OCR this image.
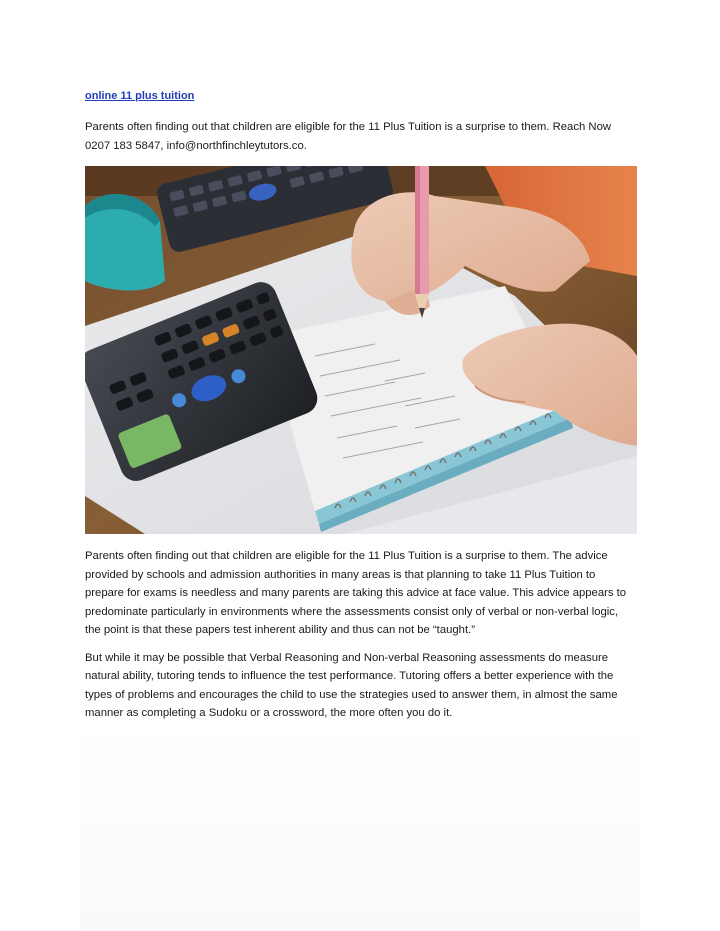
online 11 plus tuition

Parents often finding out that children are eligible for the 11 Plus Tuition is a surprise to them. Reach Now 0207 183 5847, info@northfinchleytutors.co.

Parents often finding out that children are eligible for the 11 Plus Tuition is a surprise to them. The advice provided by schools and admission authorities in many areas is that planning to take 11 Plus Tuition to prepare for exams is needless and many parents are taking this advice at face value. This advice appears to predominate particularly in environments where the assessments consist only of verbal or non-verbal logic, the point is that these papers test inherent ability and thus can not be “taught.”

But while it may be possible that Verbal Reasoning and Non-verbal Reasoning assessments do measure natural ability, tutoring tends to influence the test performance. Tutoring offers a better experience with the types of problems and encourages the child to use the strategies used to answer them, in almost the same manner as completing a Sudoku or a crossword, the more often you do it.
